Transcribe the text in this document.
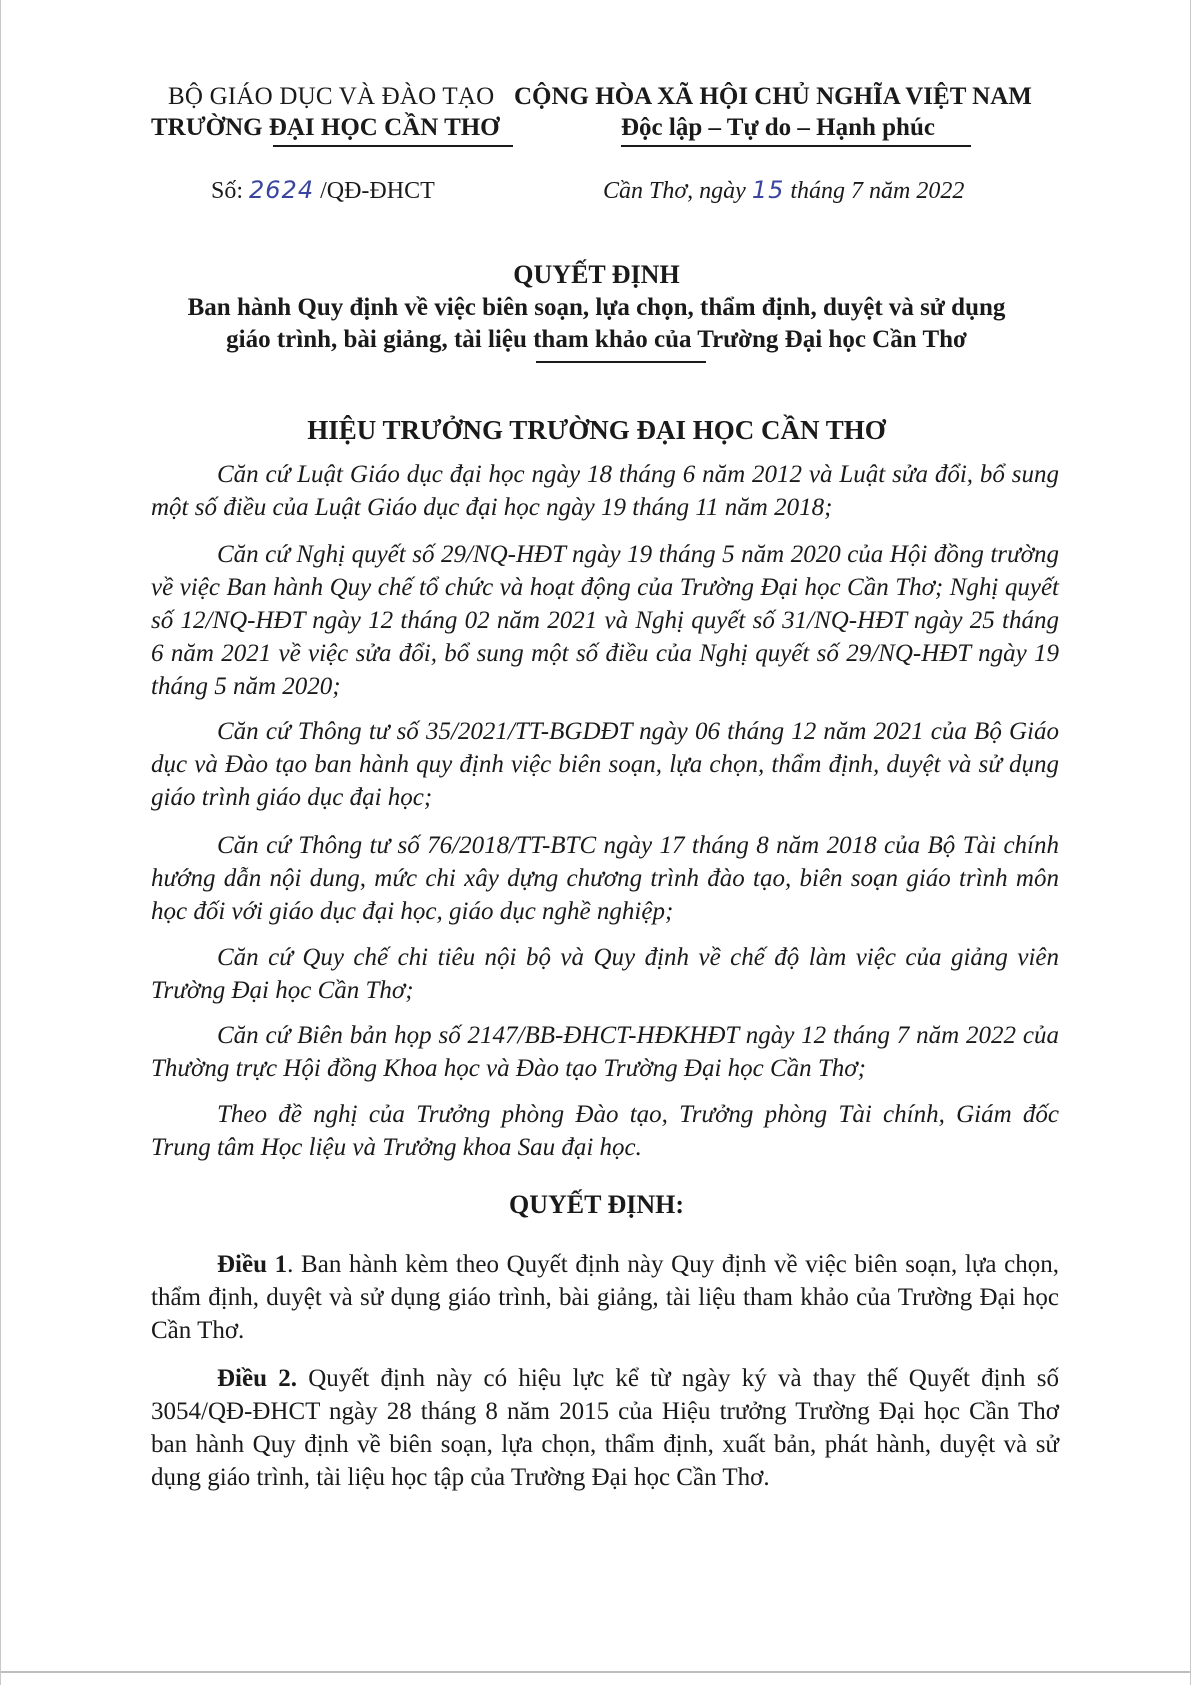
BỘ GIÁO DỤC VÀ ĐÀO TẠO
TRƯỜNG ĐẠI HỌC CẦN THƠ
CỘNG HÒA XÃ HỘI CHỦ NGHĨA VIỆT NAM
Độc lập – Tự do – Hạnh phúc
Số: 2624 /QĐ-ĐHCT	Cần Thơ, ngày 15 tháng 7 năm 2022
QUYẾT ĐỊNH
Ban hành Quy định về việc biên soạn, lựa chọn, thẩm định, duyệt và sử dụng
giáo trình, bài giảng, tài liệu tham khảo của Trường Đại học Cần Thơ
HIỆU TRƯỞNG TRƯỜNG ĐẠI HỌC CẦN THƠ

Căn cứ Luật Giáo dục đại học ngày 18 tháng 6 năm 2012 và Luật sửa đổi, bổ sung một số điều của Luật Giáo dục đại học ngày 19 tháng 11 năm 2018;

Căn cứ Nghị quyết số 29/NQ-HĐT ngày 19 tháng 5 năm 2020 của Hội đồng trường về việc Ban hành Quy chế tổ chức và hoạt động của Trường Đại học Cần Thơ; Nghị quyết số 12/NQ-HĐT ngày 12 tháng 02 năm 2021 và Nghị quyết số 31/NQ-HĐT ngày 25 tháng 6 năm 2021 về việc sửa đổi, bổ sung một số điều của Nghị quyết số 29/NQ-HĐT ngày 19 tháng 5 năm 2020;

Căn cứ Thông tư số 35/2021/TT-BGDĐT ngày 06 tháng 12 năm 2021 của Bộ Giáo dục và Đào tạo ban hành quy định việc biên soạn, lựa chọn, thẩm định, duyệt và sử dụng giáo trình giáo dục đại học;

Căn cứ Thông tư số 76/2018/TT-BTC ngày 17 tháng 8 năm 2018 của Bộ Tài chính hướng dẫn nội dung, mức chi xây dựng chương trình đào tạo, biên soạn giáo trình môn học đối với giáo dục đại học, giáo dục nghề nghiệp;

Căn cứ Quy chế chi tiêu nội bộ và Quy định về chế độ làm việc của giảng viên Trường Đại học Cần Thơ;

Căn cứ Biên bản họp số 2147/BB-ĐHCT-HĐKHĐT ngày 12 tháng 7 năm 2022 của Thường trực Hội đồng Khoa học và Đào tạo Trường Đại học Cần Thơ;

Theo đề nghị của Trưởng phòng Đào tạo, Trưởng phòng Tài chính, Giám đốc Trung tâm Học liệu và Trưởng khoa Sau đại học.

QUYẾT ĐỊNH:

Điều 1. Ban hành kèm theo Quyết định này Quy định về việc biên soạn, lựa chọn, thẩm định, duyệt và sử dụng giáo trình, bài giảng, tài liệu tham khảo của Trường Đại học Cần Thơ.

Điều 2. Quyết định này có hiệu lực kể từ ngày ký và thay thế Quyết định số 3054/QĐ-ĐHCT ngày 28 tháng 8 năm 2015 của Hiệu trưởng Trường Đại học Cần Thơ ban hành Quy định về biên soạn, lựa chọn, thẩm định, xuất bản, phát hành, duyệt và sử dụng giáo trình, tài liệu học tập của Trường Đại học Cần Thơ.
